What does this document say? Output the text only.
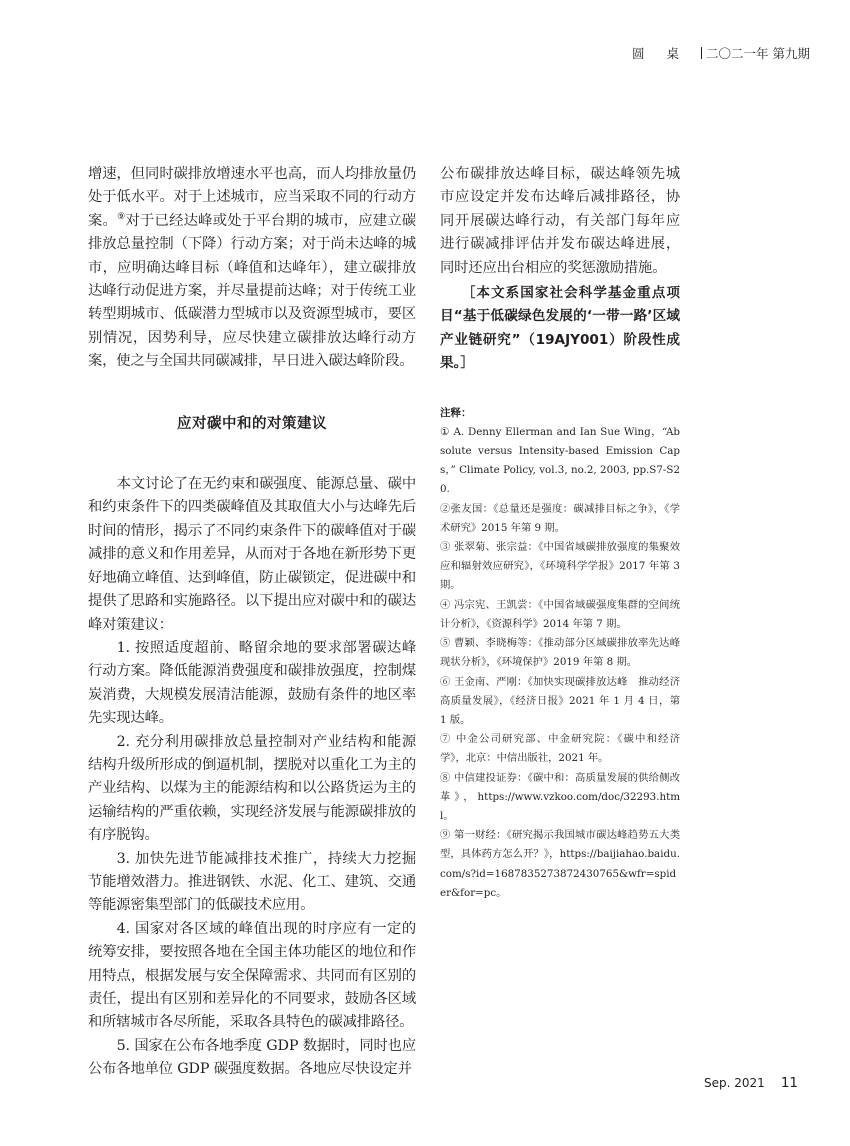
圆桌 二〇二一年 第九期

增速，但同时碳排放增速水平也高，而人均排放量仍处于低水平。对于上述城市，应当采取不同的行动方案。⑨对于已经达峰或处于平台期的城市，应建立碳排放总量控制（下降）行动方案；对于尚未达峰的城市，应明确达峰目标（峰值和达峰年），建立碳排放达峰行动促进方案，并尽量提前达峰；对于传统工业转型期城市、低碳潜力型城市以及资源型城市，要区别情况，因势利导，应尽快建立碳排放达峰行动方案，使之与全国共同碳减排，早日进入碳达峰阶段。

应对碳中和的对策建议

本文讨论了在无约束和碳强度、能源总量、碳中和约束条件下的四类碳峰值及其取值大小与达峰先后时间的情形，揭示了不同约束条件下的碳峰值对于碳减排的意义和作用差异，从而对于各地在新形势下更好地确立峰值、达到峰值，防止碳锁定，促进碳中和提供了思路和实施路径。以下提出应对碳中和的碳达峰对策建议：

1. 按照适度超前、略留余地的要求部署碳达峰行动方案。降低能源消费强度和碳排放强度，控制煤炭消费，大规模发展清洁能源，鼓励有条件的地区率先实现达峰。

2. 充分利用碳排放总量控制对产业结构和能源结构升级所形成的倒逼机制，摆脱对以重化工为主的产业结构、以煤为主的能源结构和以公路货运为主的运输结构的严重依赖，实现经济发展与能源碳排放的有序脱钩。

3. 加快先进节能减排技术推广，持续大力挖掘节能增效潜力。推进钢铁、水泥、化工、建筑、交通等能源密集型部门的低碳技术应用。

4. 国家对各区域的峰值出现的时序应有一定的统筹安排，要按照各地在全国主体功能区的地位和作用特点，根据发展与安全保障需求、共同而有区别的责任，提出有区别和差异化的不同要求，鼓励各区域和所辖城市各尽所能，采取各具特色的碳减排路径。

5. 国家在公布各地季度 GDP 数据时，同时也应公布各地单位 GDP 碳强度数据。各地应尽快设定并

公布碳排放达峰目标，碳达峰领先城市应设定并发布达峰后减排路径，协同开展碳达峰行动，有关部门每年应进行碳减排评估并发布碳达峰进展，同时还应出台相应的奖惩激励措施。

［本文系国家社会科学基金重点项目“基于低碳绿色发展的‘一带一路’区域产业链研究”（19AJY001）阶段性成果。］

注释：

① A. Denny Ellerman and Ian Sue Wing，“Absolute versus Intensity-based Emission Caps，” Climate Policy, vol.3, no.2, 2003, pp.S7-S20.

②张友国：《总量还是强度：碳减排目标之争》，《学术研究》2015 年第 9 期。

③ 张翠菊、张宗益：《中国省域碳排放强度的集聚效应和辐射效应研究》，《环境科学学报》2017 年第 3 期。

④ 冯宗宪、王凯尝：《中国省域碳强度集群的空间统计分析》，《资源科学》2014 年第 7 期。

⑤ 曹颖、李晓梅等：《推动部分区域碳排放率先达峰现状分析》，《环境保护》2019 年第 8 期。

⑥ 王金南、严刚：《加快实现碳排放达峰　推动经济高质量发展》，《经济日报》2021 年 1 月 4 日，第 1 版。

⑦ 中金公司研究部、中金研究院：《碳中和经济学》，北京：中信出版社，2021 年。

⑧ 中信建投证券：《碳中和：高质量发展的供给侧改革》，https://www.vzkoo.com/doc/32293.html。

⑨ 第一财经：《研究揭示我国城市碳达峰趋势五大类型，具体药方怎么开？》，https://baijiahao.baidu.com/s?id=1687835273872430765&wfr=spider&for=pc。

Sep. 2021 11
